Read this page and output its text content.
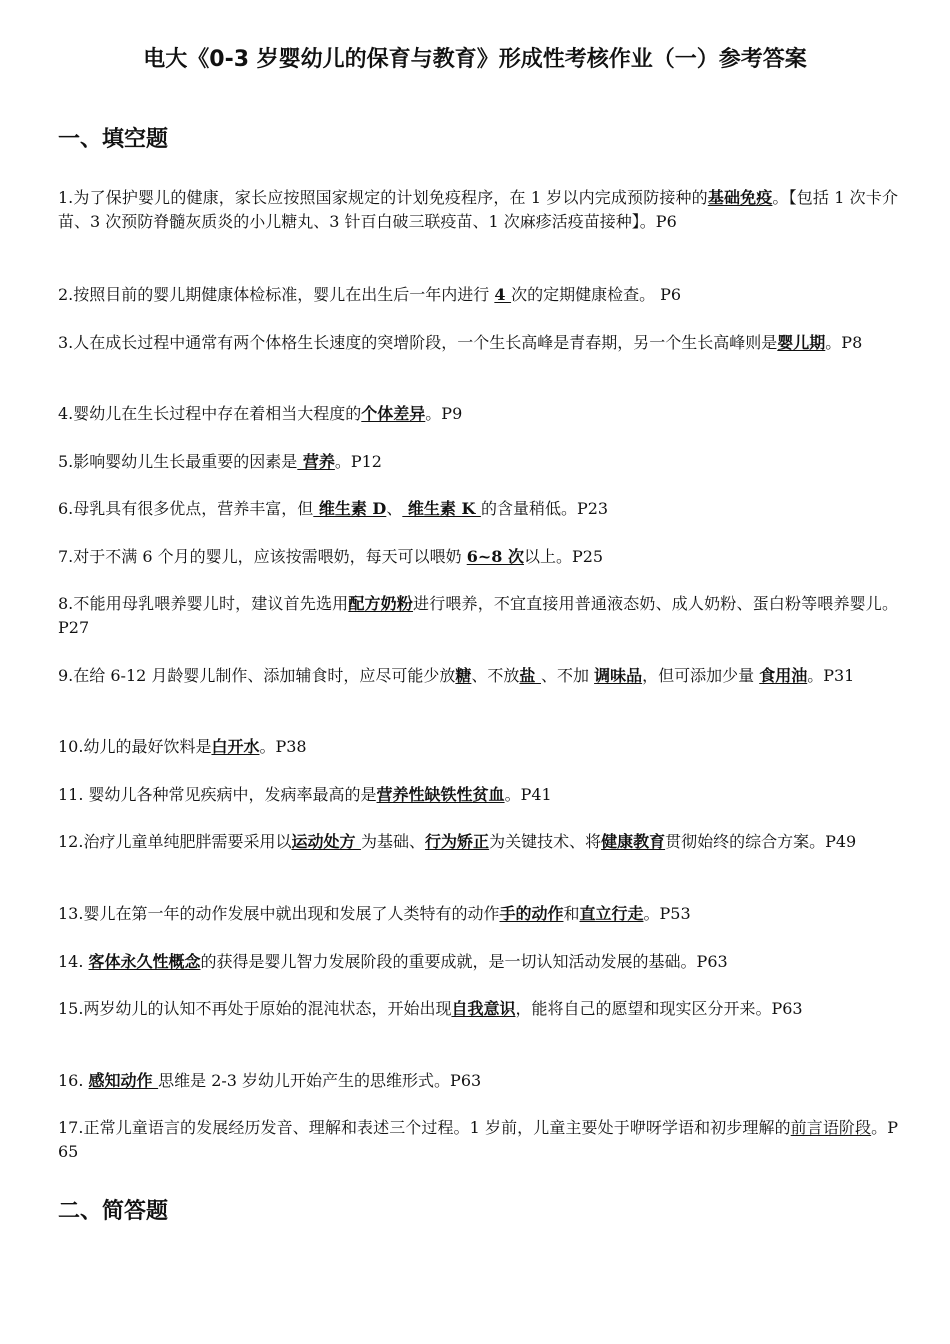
电大《0-3 岁婴幼儿的保育与教育》形成性考核作业（一）参考答案
一、填空题
1.为了保护婴儿的健康，家长应按照国家规定的计划免疫程序，在 1 岁以内完成预防接种的基础免疫。【包括 1 次卡介苗、3 次预防脊髓灰质炎的小儿糖丸、3 针百白破三联疫苗、1 次麻疹活疫苗接种】。P6
2.按照目前的婴儿期健康体检标准，婴儿在出生后一年内进行 4 次的定期健康检查。 P6
3.人在成长过程中通常有两个体格生长速度的突增阶段，一个生长高峰是青春期，另一个生长高峰则是婴儿期。P8
4.婴幼儿在生长过程中存在着相当大程度的个体差异。P9
5.影响婴幼儿生长最重要的因素是 营养。P12
6.母乳具有很多优点，营养丰富，但 维生素 D、 维生素 K 的含量稍低。P23
7.对于不满 6 个月的婴儿，应该按需喂奶，每天可以喂奶 6~8 次以上。P25
8.不能用母乳喂养婴儿时，建议首先选用配方奶粉进行喂养，不宜直接用普通液态奶、成人奶粉、蛋白粉等喂养婴儿。P27
9.在给 6-12 月龄婴儿制作、添加辅食时，应尽可能少放糖、不放盐 、不加 调味品，但可添加少量 食用油。P31
10.幼儿的最好饮料是白开水。P38
11. 婴幼儿各种常见疾病中，发病率最高的是营养性缺铁性贫血。P41
12.治疗儿童单纯肥胖需要采用以运动处方 为基础、行为矫正为关键技术、将健康教育贯彻始终的综合方案。P49
13.婴儿在第一年的动作发展中就出现和发展了人类特有的动作手的动作和直立行走。P53
14. 客体永久性概念的获得是婴儿智力发展阶段的重要成就，是一切认知活动发展的基础。P63
15.两岁幼儿的认知不再处于原始的混沌状态，开始出现自我意识，能将自己的愿望和现实区分开来。P63
16. 感知动作 思维是 2-3 岁幼儿开始产生的思维形式。P63
17.正常儿童语言的发展经历发音、理解和表述三个过程。1 岁前，儿童主要处于咿呀学语和初步理解的前言语阶段。P65
二、简答题
